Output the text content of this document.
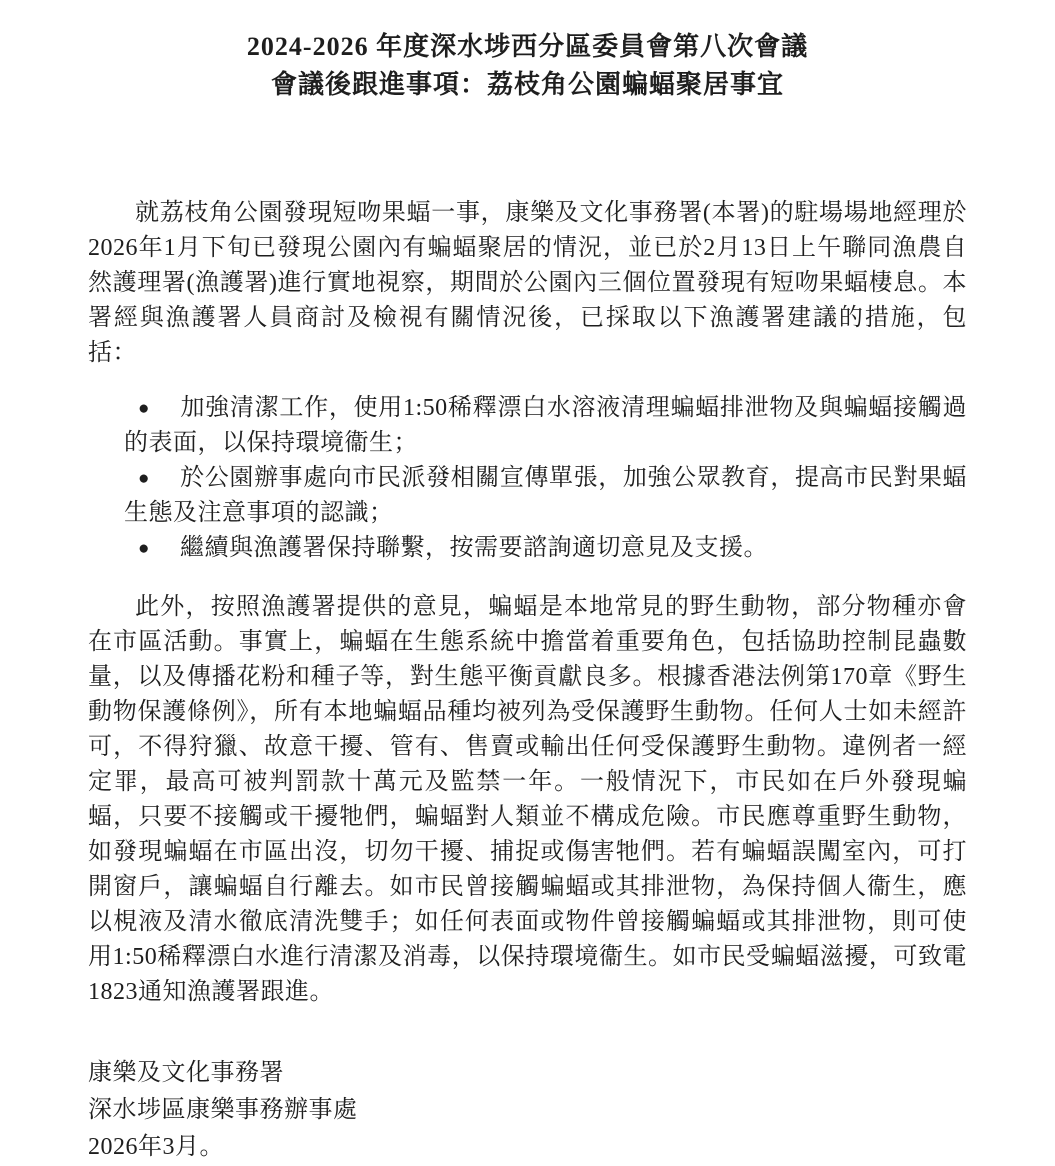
2024-2026 年度深水埗西分區委員會第八次會議
會議後跟進事項：荔枝角公園蝙蝠聚居事宜

就荔枝角公園發現短吻果蝠一事，康樂及文化事務署(本署)的駐場場地經理於2026年1月下旬已發現公園內有蝙蝠聚居的情況，並已於2月13日上午聯同漁農自然護理署(漁護署)進行實地視察，期間於公園內三個位置發現有短吻果蝠棲息。本署經與漁護署人員商討及檢視有關情況後，已採取以下漁護署建議的措施，包括：

● 加強清潔工作，使用1:50稀釋漂白水溶液清理蝙蝠排泄物及與蝙蝠接觸過的表面，以保持環境衞生；
● 於公園辦事處向市民派發相關宣傳單張，加強公眾教育，提高市民對果蝠生態及注意事項的認識；
● 繼續與漁護署保持聯繫，按需要諮詢適切意見及支援。

此外，按照漁護署提供的意見，蝙蝠是本地常見的野生動物，部分物種亦會在市區活動。事實上，蝙蝠在生態系統中擔當着重要角色，包括協助控制昆蟲數量，以及傳播花粉和種子等，對生態平衡貢獻良多。根據香港法例第170章《野生動物保護條例》，所有本地蝙蝠品種均被列為受保護野生動物。任何人士如未經許可，不得狩獵、故意干擾、管有、售賣或輸出任何受保護野生動物。違例者一經定罪，最高可被判罰款十萬元及監禁一年。一般情況下，市民如在戶外發現蝙蝠，只要不接觸或干擾牠們，蝙蝠對人類並不構成危險。市民應尊重野生動物，如發現蝙蝠在市區出沒，切勿干擾、捕捉或傷害牠們。若有蝙蝠誤闖室內，可打開窗戶，讓蝙蝠自行離去。如市民曾接觸蝙蝠或其排泄物，為保持個人衞生，應以梘液及清水徹底清洗雙手；如任何表面或物件曾接觸蝙蝠或其排泄物，則可使用1:50稀釋漂白水進行清潔及消毒，以保持環境衞生。如市民受蝙蝠滋擾，可致電1823通知漁護署跟進。

康樂及文化事務署
深水埗區康樂事務辦事處
2026年3月。
